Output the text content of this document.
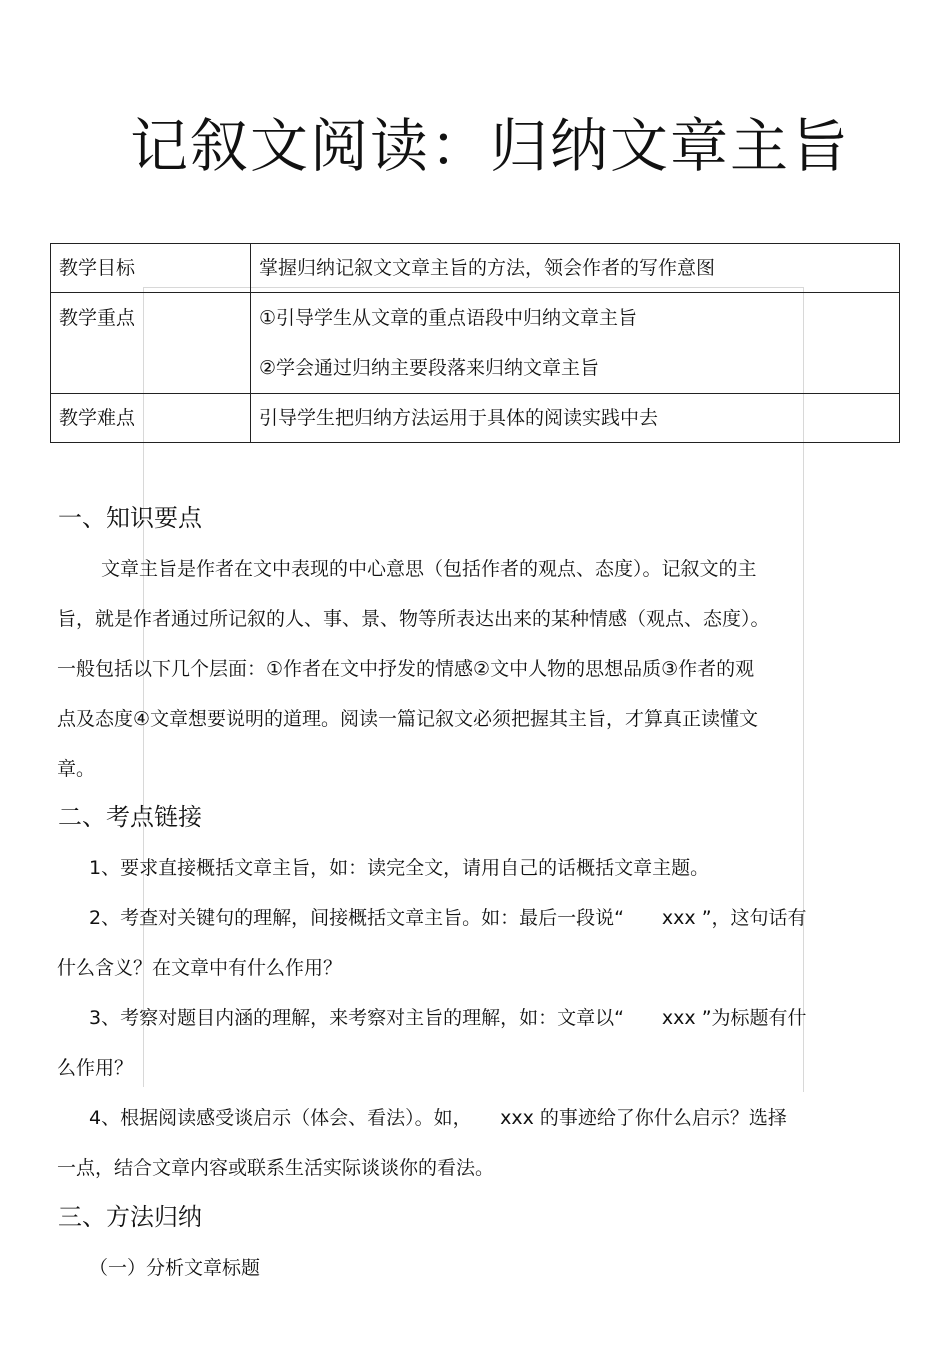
记叙文阅读：归纳文章主旨
教学目标	掌握归纳记叙文文章主旨的方法，领会作者的写作意图

教学重点	①引导学生从文章的重点语段中归纳文章主旨
②学会通过归纳主要段落来归纳文章主旨

教学难点	引导学生把归纳方法运用于具体的阅读实践中去
一、知识要点
文章主旨是作者在文中表现的中心意思（包括作者的观点、态度）。记叙文的主
旨，就是作者通过所记叙的人、事、景、物等所表达出来的某种情感（观点、态度）。
一般包括以下几个层面：①作者在文中抒发的情感②文中人物的思想品质③作者的观
点及态度④文章想要说明的道理。阅读一篇记叙文必须把握其主旨，才算真正读懂文
章。
二、考点链接
1、要求直接概括文章主旨，如：读完全文，请用自己的话概括文章主题。
2、考查对关键句的理解，间接概括文章主旨。如：最后一段说“　　xxx ”，这句话有
什么含义？在文章中有什么作用？
3、考察对题目内涵的理解，来考察对主旨的理解，如：文章以“　　xxx ”为标题有什
么作用？
4、根据阅读感受谈启示（体会、看法）。如，　　xxx 的事迹给了你什么启示？选择
一点，结合文章内容或联系生活实际谈谈你的看法。
三、方法归纳
（一）分析文章标题
